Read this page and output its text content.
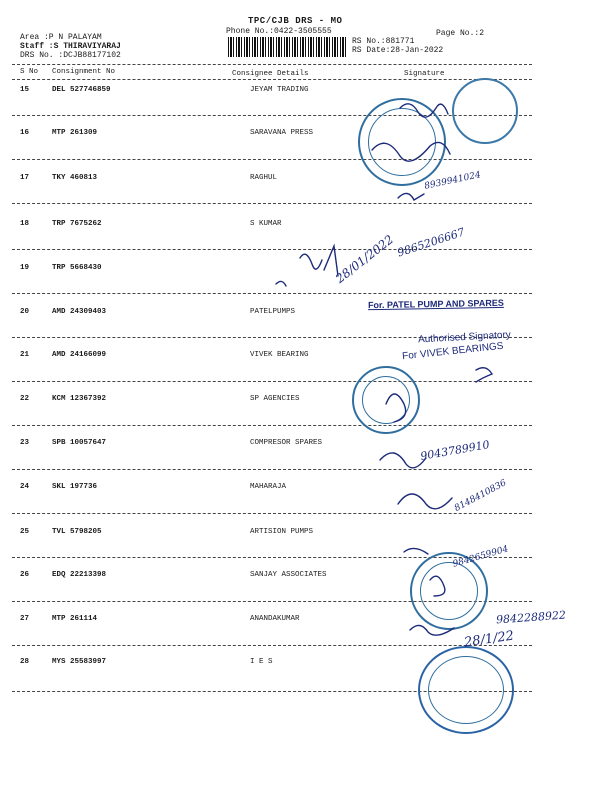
TPC/CJB DRS - MO
Phone No.:0422-3505555
Area :P N PALAYAM
Staff :S THIRAVIYARAJ
DRS No. :DCJB88177102
Page No.:2
RS No.:881771
RS Date:28-Jan-2022
S No Consignment No	Consignee Details	Signature
15	DEL 527746859	JEYAM TRADING
16	MTP 261309	SARAVANA PRESS
17	TKY 460813	RAGHUL
18	TRP 7675262	S KUMAR
19	TRP 5668430
20	AMD 24309403	PATELPUMPS
21	AMD 24166099	VIVEK BEARING
22	KCM 12367392	SP AGENCIES
23	SPB 10057647	COMPRESOR SPARES
24	SKL 197736	MAHARAJA
25	TVL 5798205	ARTISION PUMPS
26	EDQ 22213398	SANJAY ASSOCIATES
27	MTP 261114	ANANDAKUMAR
28	MYS 25583997	I E S
For. PATEL PUMP AND SPARES
Authorised Signatory
For VIVEK BEARINGS
28/01/2022 9865206667
8939941024
9043789910
8148410836
9842659904
9842288922
28/1/22
